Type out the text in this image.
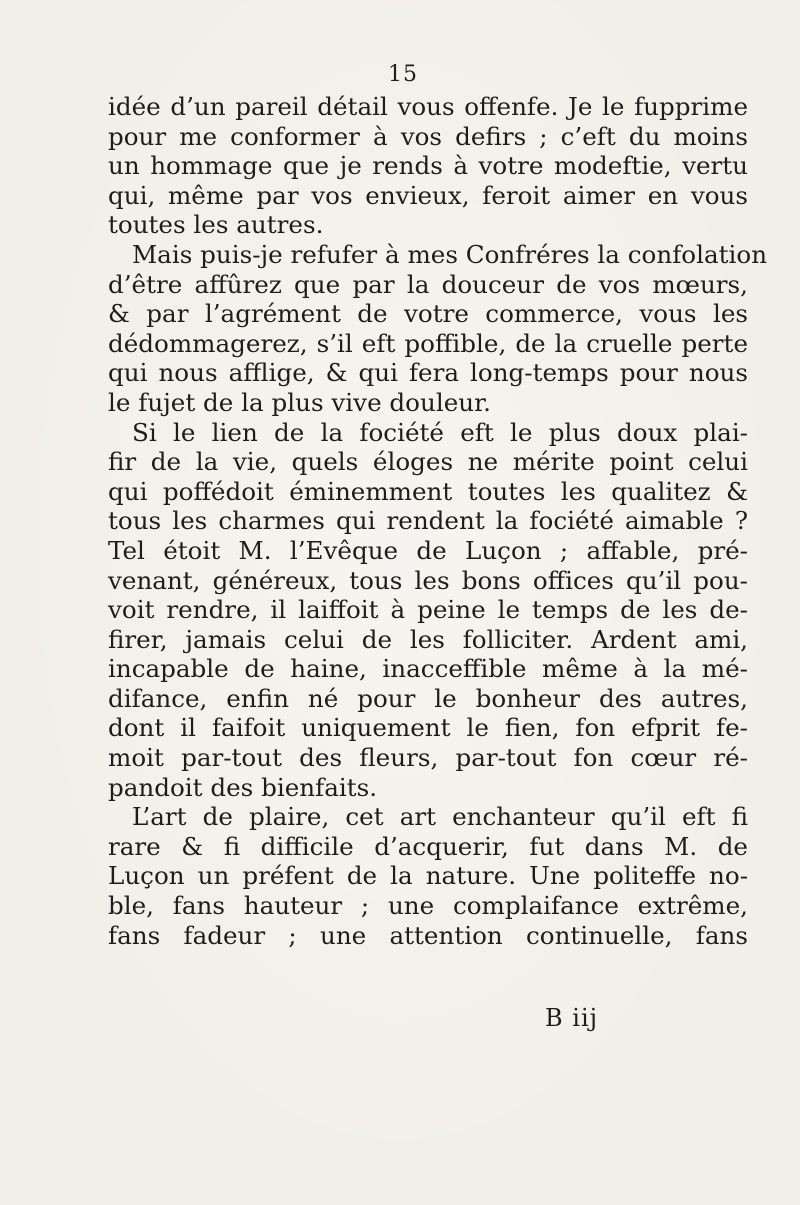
15
idée d’un pareil détail vous offenfe. Je le fupprime
pour me conformer à vos defirs ; c’eft du moins
un hommage que je rends à votre modeftie, vertu
qui, même par vos envieux, feroit aimer en vous
toutes les autres.
Mais puis-je refufer à mes Confréres la confolation
d’être affûrez que par la douceur de vos mœurs,
& par l’agrément de votre commerce, vous les
dédommagerez, s’il eft poffible, de la cruelle perte
qui nous afflige, & qui fera long-temps pour nous
le fujet de la plus vive douleur.
Si le lien de la fociété eft le plus doux plai-
fir de la vie, quels éloges ne mérite point celui
qui poffédoit éminemment toutes les qualitez &
tous les charmes qui rendent la fociété aimable ?
Tel étoit M. l’Evêque de Luçon ; affable, pré-
venant, généreux, tous les bons offices qu’il pou-
voit rendre, il laiffoit à peine le temps de les de-
firer, jamais celui de les folliciter. Ardent ami,
incapable de haine, inacceffible même à la mé-
difance, enfin né pour le bonheur des autres,
dont il faifoit uniquement le fien, fon efprit fe-
moit par-tout des fleurs, par-tout fon cœur ré-
pandoit des bienfaits.
L’art de plaire, cet art enchanteur qu’il eft fi
rare & fi difficile d’acquerir, fut dans M. de
Luçon un préfent de la nature. Une politeffe no-
ble, fans hauteur ; une complaifance extrême,
fans fadeur ; une attention continuelle, fans
B iij
